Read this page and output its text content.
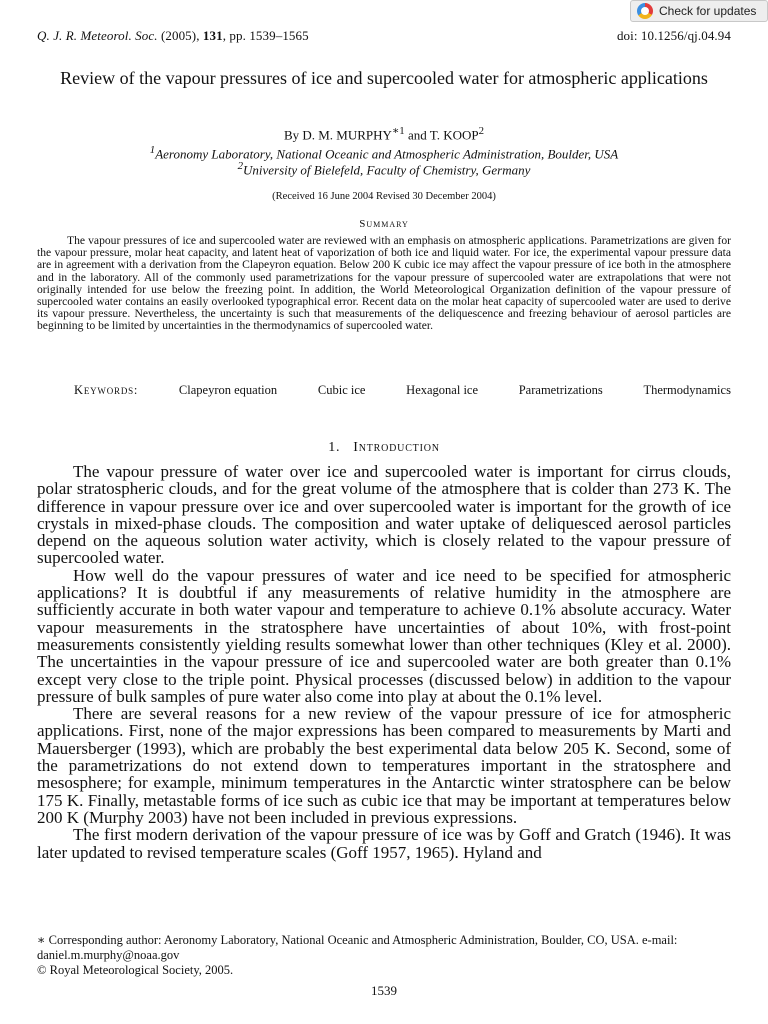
Check for updates
Q. J. R. Meteorol. Soc. (2005), 131, pp. 1539–1565	doi: 10.1256/qj.04.94
Review of the vapour pressures of ice and supercooled water for atmospheric applications
By D. M. $MURPHY^{∗1}$ and T. KOOP$^2$
$^1$Aeronomy Laboratory, National Oceanic and Atmospheric Administration, Boulder, USA
$^2$University of Bielefeld, Faculty of Chemistry, Germany
(Received 16 June 2004 Revised 30 December 2004)
Summary

The vapour pressures of ice and supercooled water are reviewed with an emphasis on atmospheric applications. Parametrizations are given for the vapour pressure, molar heat capacity, and latent heat of vaporization of both ice and liquid water. For ice, the experimental vapour pressure data are in agreement with a derivation from the Clapeyron equation. Below 200 K cubic ice may affect the vapour pressure of ice both in the atmosphere and in the laboratory. All of the commonly used parametrizations for the vapour pressure of supercooled water are extrapolations that were not originally intended for use below the freezing point. In addition, the World Meteorological Organization definition of the vapour pressure of supercooled water contains an easily overlooked typographical error. Recent data on the molar heat capacity of supercooled water are used to derive its vapour pressure. Nevertheless, the uncertainty is such that measurements of the deliquescence and freezing behaviour of aerosol particles are beginning to be limited by uncertainties in the thermodynamics of supercooled water.

Keywords:	Clapeyron equation	Cubic ice	Hexagonal ice	Parametrizations	Thermodynamics
1. Introduction

The vapour pressure of water over ice and supercooled water is important for cirrus clouds, polar stratospheric clouds, and for the great volume of the atmosphere that is colder than 273 K. The difference in vapour pressure over ice and over supercooled water is important for the growth of ice crystals in mixed-phase clouds. The composition and water uptake of deliquesced aerosol particles depend on the aqueous solution water activity, which is closely related to the vapour pressure of supercooled water.

How well do the vapour pressures of water and ice need to be specified for atmospheric applications? It is doubtful if any measurements of relative humidity in the atmosphere are sufficiently accurate in both water vapour and temperature to achieve 0.1% absolute accuracy. Water vapour measurements in the stratosphere have uncertainties of about 10%, with frost-point measurements consistently yielding results somewhat lower than other techniques (Kley et al. 2000). The uncertainties in the vapour pressure of ice and supercooled water are both greater than 0.1% except very close to the triple point. Physical processes (discussed below) in addition to the vapour pressure of bulk samples of pure water also come into play at about the 0.1% level.

There are several reasons for a new review of the vapour pressure of ice for atmospheric applications. First, none of the major expressions has been compared to measurements by Marti and Mauersberger (1993), which are probably the best experimental data below 205 K. Second, some of the parametrizations do not extend down to temperatures important in the stratosphere and mesosphere; for example, minimum temperatures in the Antarctic winter stratosphere can be below 175 K. Finally, metastable forms of ice such as cubic ice that may be important at temperatures below 200 K (Murphy 2003) have not been included in previous expressions.

The first modern derivation of the vapour pressure of ice was by Goff and Gratch (1946). It was later updated to revised temperature scales (Goff 1957, 1965). Hyland and

∗ Corresponding author: Aeronomy Laboratory, National Oceanic and Atmospheric Administration, Boulder, CO, USA. e-mail: daniel.m.murphy@noaa.gov

© Royal Meteorological Society, 2005.

1539
